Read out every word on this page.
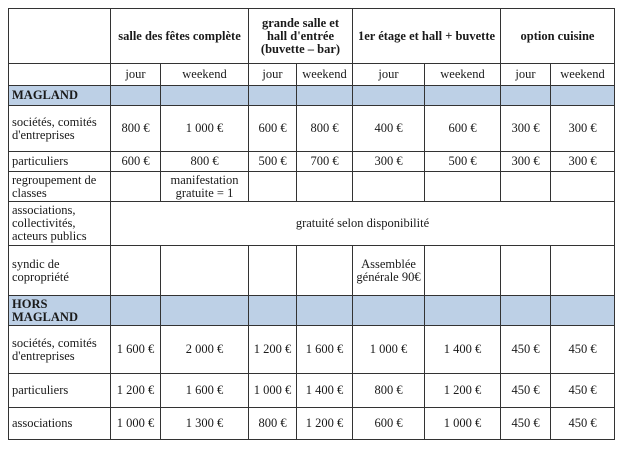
	salle des fêtes complète		grande salle et hall d'entrée (buvette – bar)		1er étage et hall + buvette		option cuisine	
	jour	weekend	jour	weekend	jour	weekend	jour	weekend
MAGLAND								
sociétés, comités d'entreprises	800 €	1 000 €	600 €	800 €	400 €	600 €	300 €	300 €
particuliers	600 €	800 €	500 €	700 €	300 €	500 €	300 €	300 €
regroupement de classes		manifestation gratuite = 1						
associations, collectivités, acteurs publics	gratuité selon disponibilité							
syndic de copropriété					Assemblée générale 90€			
HORS MAGLAND								
sociétés, comités d'entreprises	1 600 €	2 000 €	1 200 €	1 600 €	1 000 €	1 400 €	450 €	450 €
particuliers	1 200 €	1 600 €	1 000 €	1 400 €	800 €	1 200 €	450 €	450 €
associations	1 000 €	1 300 €	800 €	1 200 €	600 €	1 000 €	450 €	450 €
